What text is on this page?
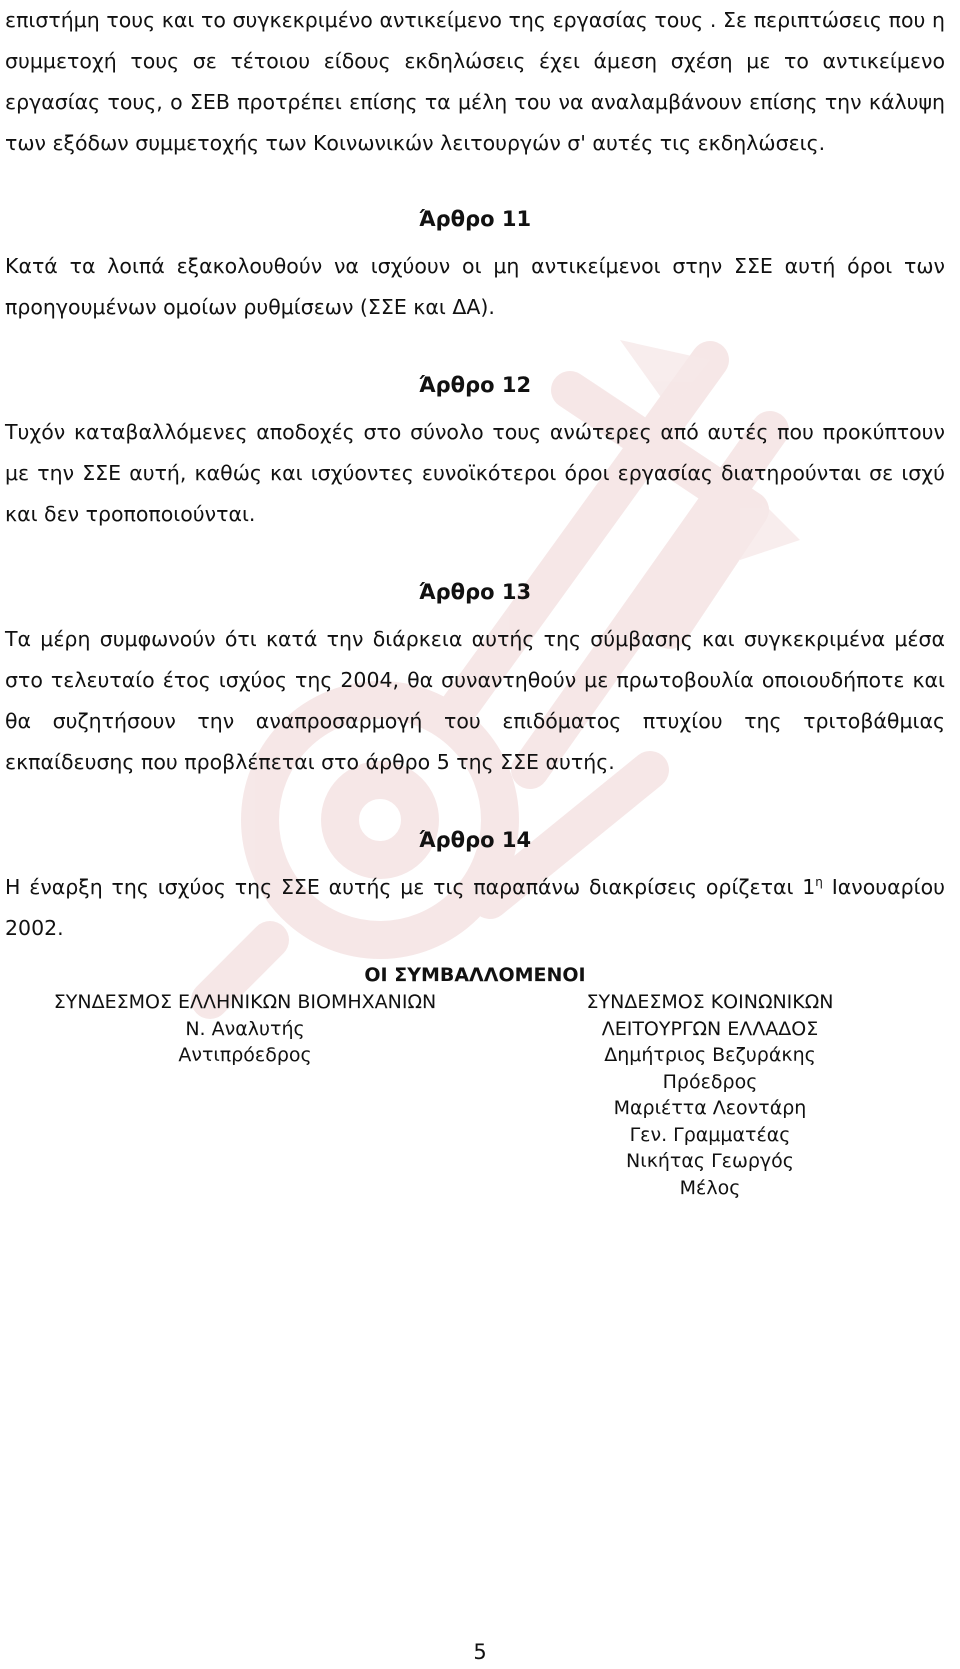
επιστήμη τους και το συγκεκριμένο αντικείμενο της εργασίας τους . Σε περιπτώσεις που η συμμετοχή τους σε τέτοιου είδους εκδηλώσεις έχει άμεση σχέση με το αντικείμενο εργασίας τους, ο ΣΕΒ προτρέπει επίσης τα μέλη του να αναλαμβάνουν επίσης την κάλυψη των εξόδων συμμετοχής των Κοινωνικών λειτουργών σ' αυτές τις εκδηλώσεις.

Άρθρο 11

Κατά τα λοιπά εξακολουθούν να ισχύουν οι μη αντικείμενοι στην ΣΣΕ αυτή όροι των προηγουμένων ομοίων ρυθμίσεων (ΣΣΕ και ΔΑ).

Άρθρο 12

Τυχόν καταβαλλόμενες αποδοχές στο σύνολο τους ανώτερες από αυτές που προκύπτουν με την ΣΣΕ αυτή, καθώς και ισχύοντες ευνοϊκότεροι όροι εργασίας διατηρούνται σε ισχύ και δεν τροποποιούνται.

Άρθρο 13

Τα μέρη συμφωνούν ότι κατά την διάρκεια αυτής της σύμβασης και συγκεκριμένα μέσα στο τελευταίο έτος ισχύος της 2004, θα συναντηθούν με πρωτοβουλία οποιουδήποτε και θα συζητήσουν την αναπροσαρμογή του επιδόματος πτυχίου της τριτοβάθμιας εκπαίδευσης που προβλέπεται στο άρθρο 5 της ΣΣΕ αυτής.

Άρθρο 14

Η έναρξη της ισχύος της ΣΣΕ αυτής με τις παραπάνω διακρίσεις ορίζεται $1^\eta$ Ιανουαρίου 2002.

ΟΙ ΣΥΜΒΑΛΛΟΜΕΝΟΙ

ΣΥΝΔΕΣΜΟΣ ΕΛΛΗΝΙΚΩΝ ΒΙΟΜΗΧΑΝΙΩΝ
Ν. Αναλυτής
Αντιπρόεδρος
ΣΥΝΔΕΣΜΟΣ ΚΟΙΝΩΝΙΚΩΝ
ΛΕΙΤΟΥΡΓΩΝ ΕΛΛΑΔΟΣ
Δημήτριος Βεζυράκης
Πρόεδρος
Μαριέττα Λεοντάρη
Γεν. Γραμματέας
Νικήτας Γεωργός
Μέλος
5
